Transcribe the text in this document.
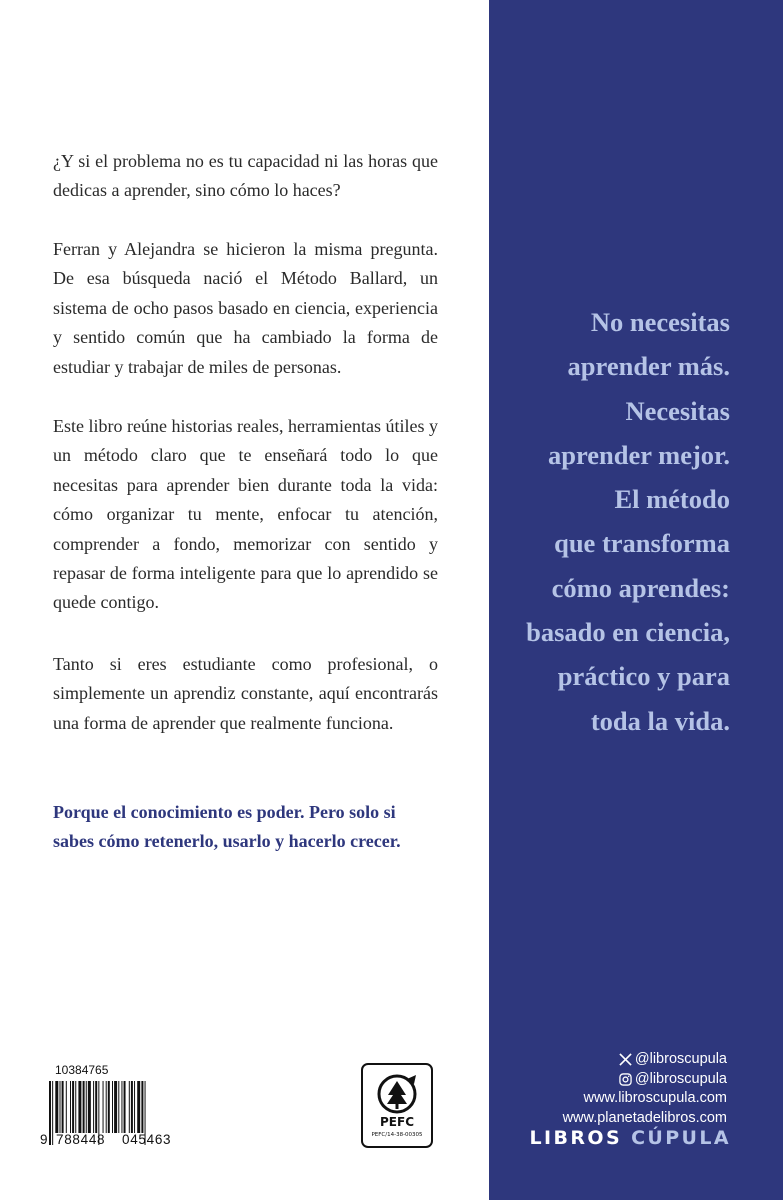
¿Y si el problema no es tu capacidad ni las horas que dedicas a aprender, sino cómo lo haces?

Ferran y Alejandra se hicieron la misma pregunta. De esa búsqueda nació el Método Ballard, un sistema de ocho pasos basado en ciencia, experiencia y sentido común que ha cambiado la forma de estudiar y trabajar de miles de personas.

Este libro reúne historias reales, herramientas útiles y un método claro que te enseñará todo lo que necesitas para aprender bien durante toda la vida: cómo organizar tu mente, enfocar tu atención, comprender a fondo, memorizar con sentido y repasar de forma inteligente para que lo aprendido se quede contigo.

Tanto si eres estudiante como profesional, o simplemente un aprendiz constante, aquí encontrarás una forma de aprender que realmente funciona.

Porque el conocimiento es poder. Pero solo si sabes cómo retenerlo, usarlo y hacerlo crecer.

10384765
9 788448 045463
PEFC
PEFC/14-38-00305
No necesitas
aprender más.
Necesitas
aprender mejor.
El método
que transforma
cómo aprendes:
basado en ciencia,
práctico y para
toda la vida.
@libroscupula
@libroscupula
www.libroscupula.com
www.planetadelibros.com
LIBROS CÚPULA
